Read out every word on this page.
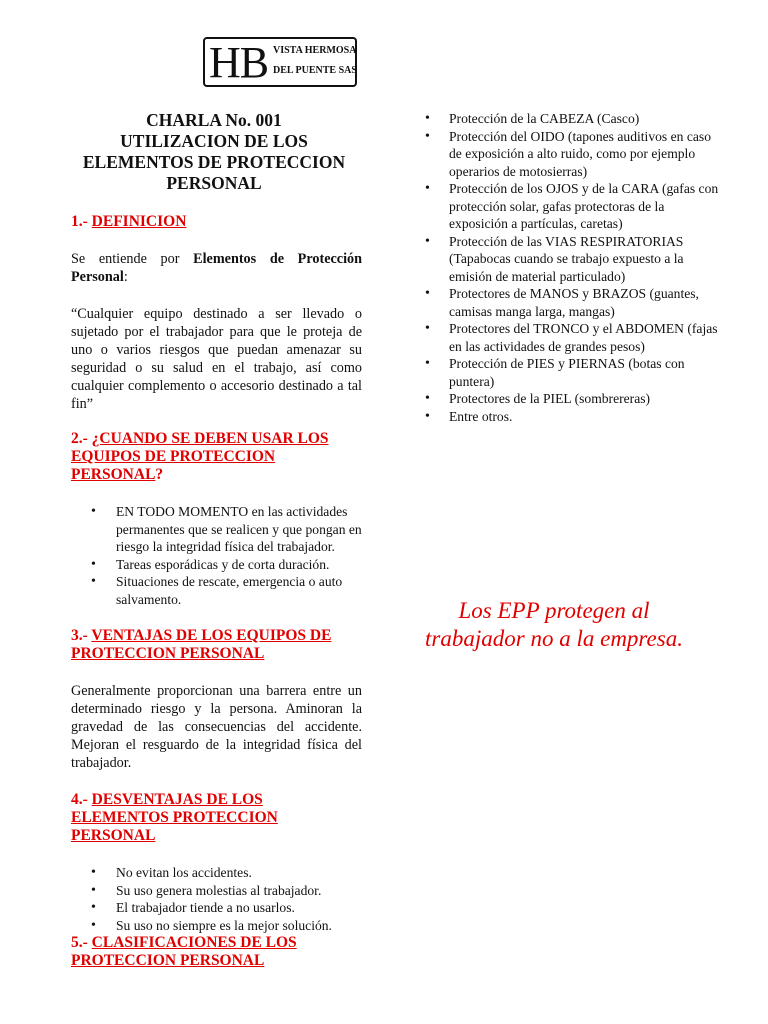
HB VISTA HERMOSA
DEL PUENTE SAS
CHARLA No. 001
UTILIZACION DE LOS
ELEMENTOS DE PROTECCION
PERSONAL
1.- DEFINICION

Se entiende por Elementos de Protección Personal:

“Cualquier equipo destinado a ser llevado o sujetado por el trabajador para que le proteja de uno o varios riesgos que puedan amenazar su seguridad o su salud en el trabajo, así como cualquier complemento o accesorio destinado a tal fin”

2.- ¿CUANDO SE DEBEN USAR LOS EQUIPOS DE PROTECCION PERSONAL?
• EN TODO MOMENTO en las actividades permanentes que se realicen y que pongan en riesgo la integridad física del trabajador.
• Tareas esporádicas y de corta duración.
• Situaciones de rescate, emergencia o auto salvamento.
3.- VENTAJAS DE LOS EQUIPOS DE PROTECCION PERSONAL

Generalmente proporcionan una barrera entre un determinado riesgo y la persona. Aminoran la gravedad de las consecuencias del accidente. Mejoran el resguardo de la integridad física del trabajador.

4.- DESVENTAJAS DE LOS ELEMENTOS PROTECCION PERSONAL
• No evitan los accidentes.
• Su uso genera molestias al trabajador.
• El trabajador tiende a no usarlos.
• Su uso no siempre es la mejor solución.
5.- CLASIFICACIONES DE LOS PROTECCION PERSONAL
• Protección de la CABEZA (Casco)
• Protección del OIDO (tapones auditivos en caso de exposición a alto ruido, como por ejemplo operarios de motosierras)
• Protección de los OJOS y de la CARA (gafas con protección solar, gafas protectoras de la exposición a partículas, caretas)
• Protección de las VIAS RESPIRATORIAS (Tapabocas cuando se trabajo expuesto a la emisión de material particulado)
• Protectores de MANOS y BRAZOS (guantes, camisas manga larga, mangas)
• Protectores del TRONCO y el ABDOMEN (fajas en las actividades de grandes pesos)
• Protección de PIES y PIERNAS (botas con puntera)
• Protectores de la PIEL (sombrereras)
• Entre otros.
Los EPP protegen al
trabajador no a la empresa.
